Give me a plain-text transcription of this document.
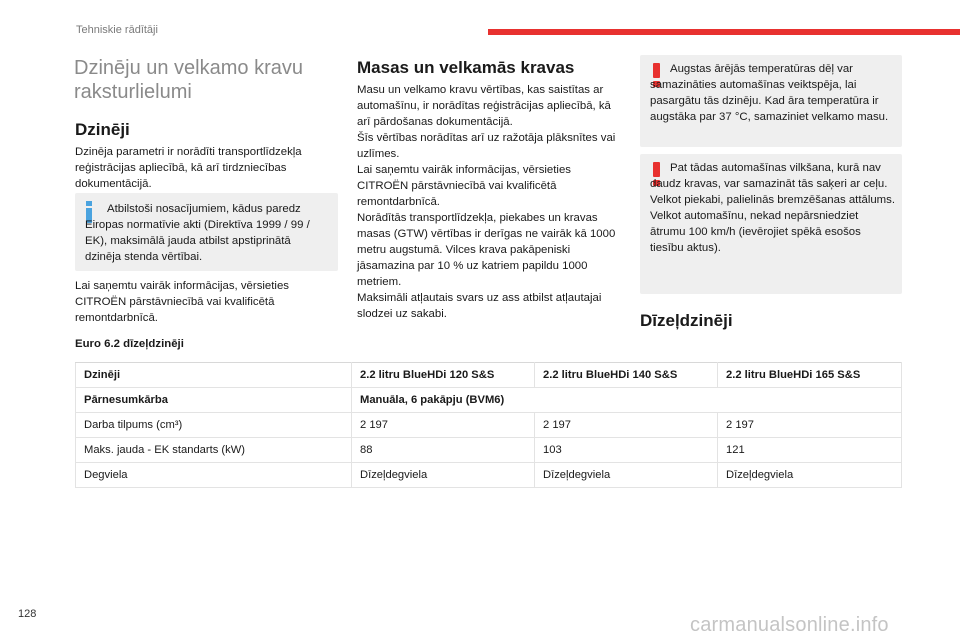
Tehniskie rādītāji
Dzinēju un velkamo kravu raksturlielumi
Dzinēji
Dzinēja parametri ir norādīti transportlīdzekļa reģistrācijas apliecībā, kā arī tirdzniecības dokumentācijā.
Atbilstoši nosacījumiem, kādus paredz Eiropas normatīvie akti (Direktīva 1999 / 99 / EK), maksimālā jauda atbilst apstiprinātā dzinēja stenda vērtībai.
Lai saņemtu vairāk informācijas, vērsieties CITROËN pārstāvniecībā vai kvalificētā remontdarbnīcā.
Masas un velkamās kravas
Masu un velkamo kravu vērtības, kas saistītas ar automašīnu, ir norādītas reģistrācijas apliecībā, kā arī pārdošanas dokumentācijā.
Šīs vērtības norādītas arī uz ražotāja plāksnītes vai uzlīmes.
Lai saņemtu vairāk informācijas, vērsieties CITROËN pārstāvniecībā vai kvalificētā remontdarbnīcā.
Norādītās transportlīdzekļa, piekabes un kravas masas (GTW) vērtības ir derīgas ne vairāk kā 1000 metru augstumā. Vilces krava pakāpeniski jāsamazina par 10 % uz katriem papildu 1000 metriem.
Maksimāli atļautais svars uz ass atbilst atļautajai slodzei uz sakabi.
Augstas ārējās temperatūras dēļ var samazināties automašīnas veiktspēja, lai pasargātu tās dzinēju. Kad āra temperatūra ir augstāka par 37 °C, samaziniet velkamo masu.
Pat tādas automašīnas vilkšana, kurā nav daudz kravas, var samazināt tās saķeri ar ceļu.
Velkot piekabi, palielinās bremzēšanas attālums.
Velkot automašīnu, nekad nepārsniedziet ātrumu 100 km/h (ievērojiet spēkā esošos tiesību aktus).
Dīzeļdzinēji
Euro 6.2 dīzeļdzinēji
Dzinēji	2.2 litru BlueHDi 120 S&S	2.2 litru BlueHDi 140 S&S	2.2 litru BlueHDi 165 S&S
Pārnesumkārba	Manuāla, 6 pakāpju (BVM6)		
Darba tilpums (cm³)	2 197	2 197	2 197
Maks. jauda - EK standarts (kW)	88	103	121
Degviela	Dīzeļdegviela	Dīzeļdegviela	Dīzeļdegviela
128	carmanualsonline.info
